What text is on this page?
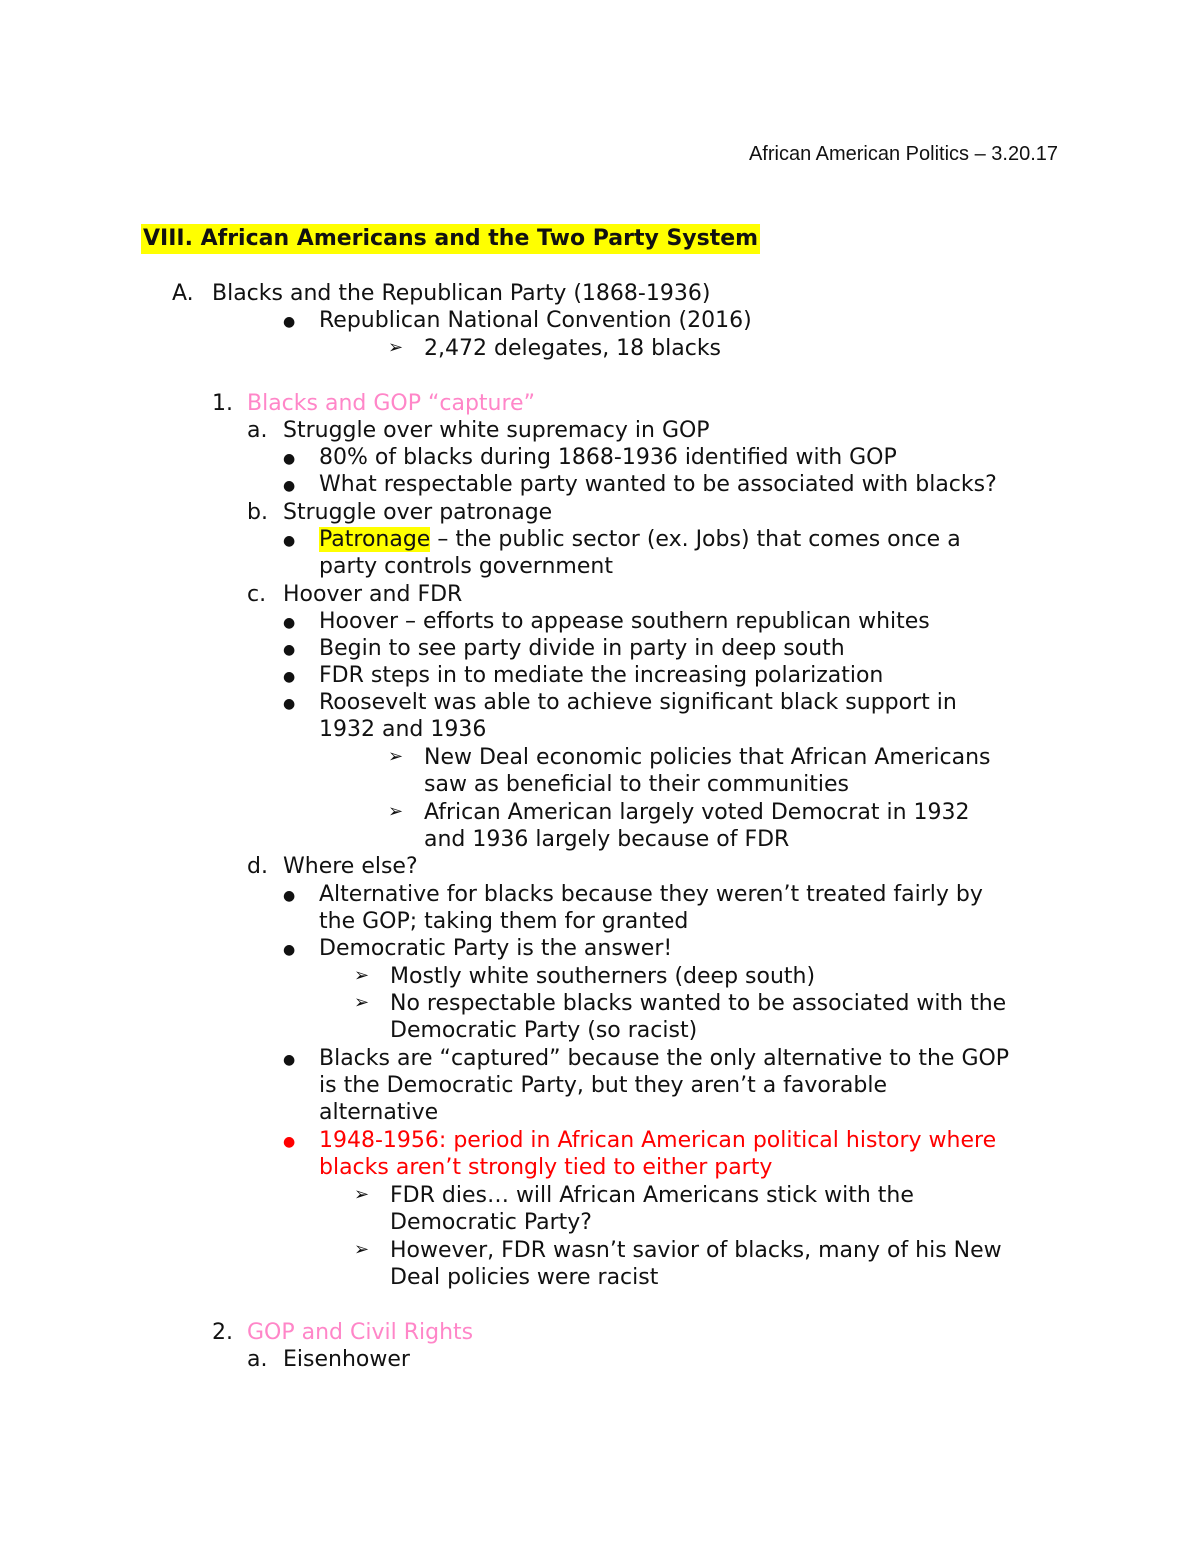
African American Politics – 3.20.17
VIII. African Americans and the Two Party System
A. Blacks and the Republican Party (1868-1936)
● Republican National Convention (2016)
➢ 2,472 delegates, 18 blacks
1. Blacks and GOP “capture”
a. Struggle over white supremacy in GOP
● 80% of blacks during 1868-1936 identified with GOP
● What respectable party wanted to be associated with blacks?
b. Struggle over patronage
● Patronage – the public sector (ex. Jobs) that comes once a
party controls government
c. Hoover and FDR
● Hoover – efforts to appease southern republican whites
● Begin to see party divide in party in deep south
● FDR steps in to mediate the increasing polarization
● Roosevelt was able to achieve significant black support in
1932 and 1936
➢ New Deal economic policies that African Americans
saw as beneficial to their communities
➢ African American largely voted Democrat in 1932
and 1936 largely because of FDR
d. Where else?
● Alternative for blacks because they weren’t treated fairly by
the GOP; taking them for granted
● Democratic Party is the answer!
➢ Mostly white southerners (deep south)
➢ No respectable blacks wanted to be associated with the
Democratic Party (so racist)
● Blacks are “captured” because the only alternative to the GOP
is the Democratic Party, but they aren’t a favorable
alternative
● 1948-1956: period in African American political history where
blacks aren’t strongly tied to either party
➢ FDR dies… will African Americans stick with the
Democratic Party?
➢ However, FDR wasn’t savior of blacks, many of his New
Deal policies were racist
2. GOP and Civil Rights
a. Eisenhower
